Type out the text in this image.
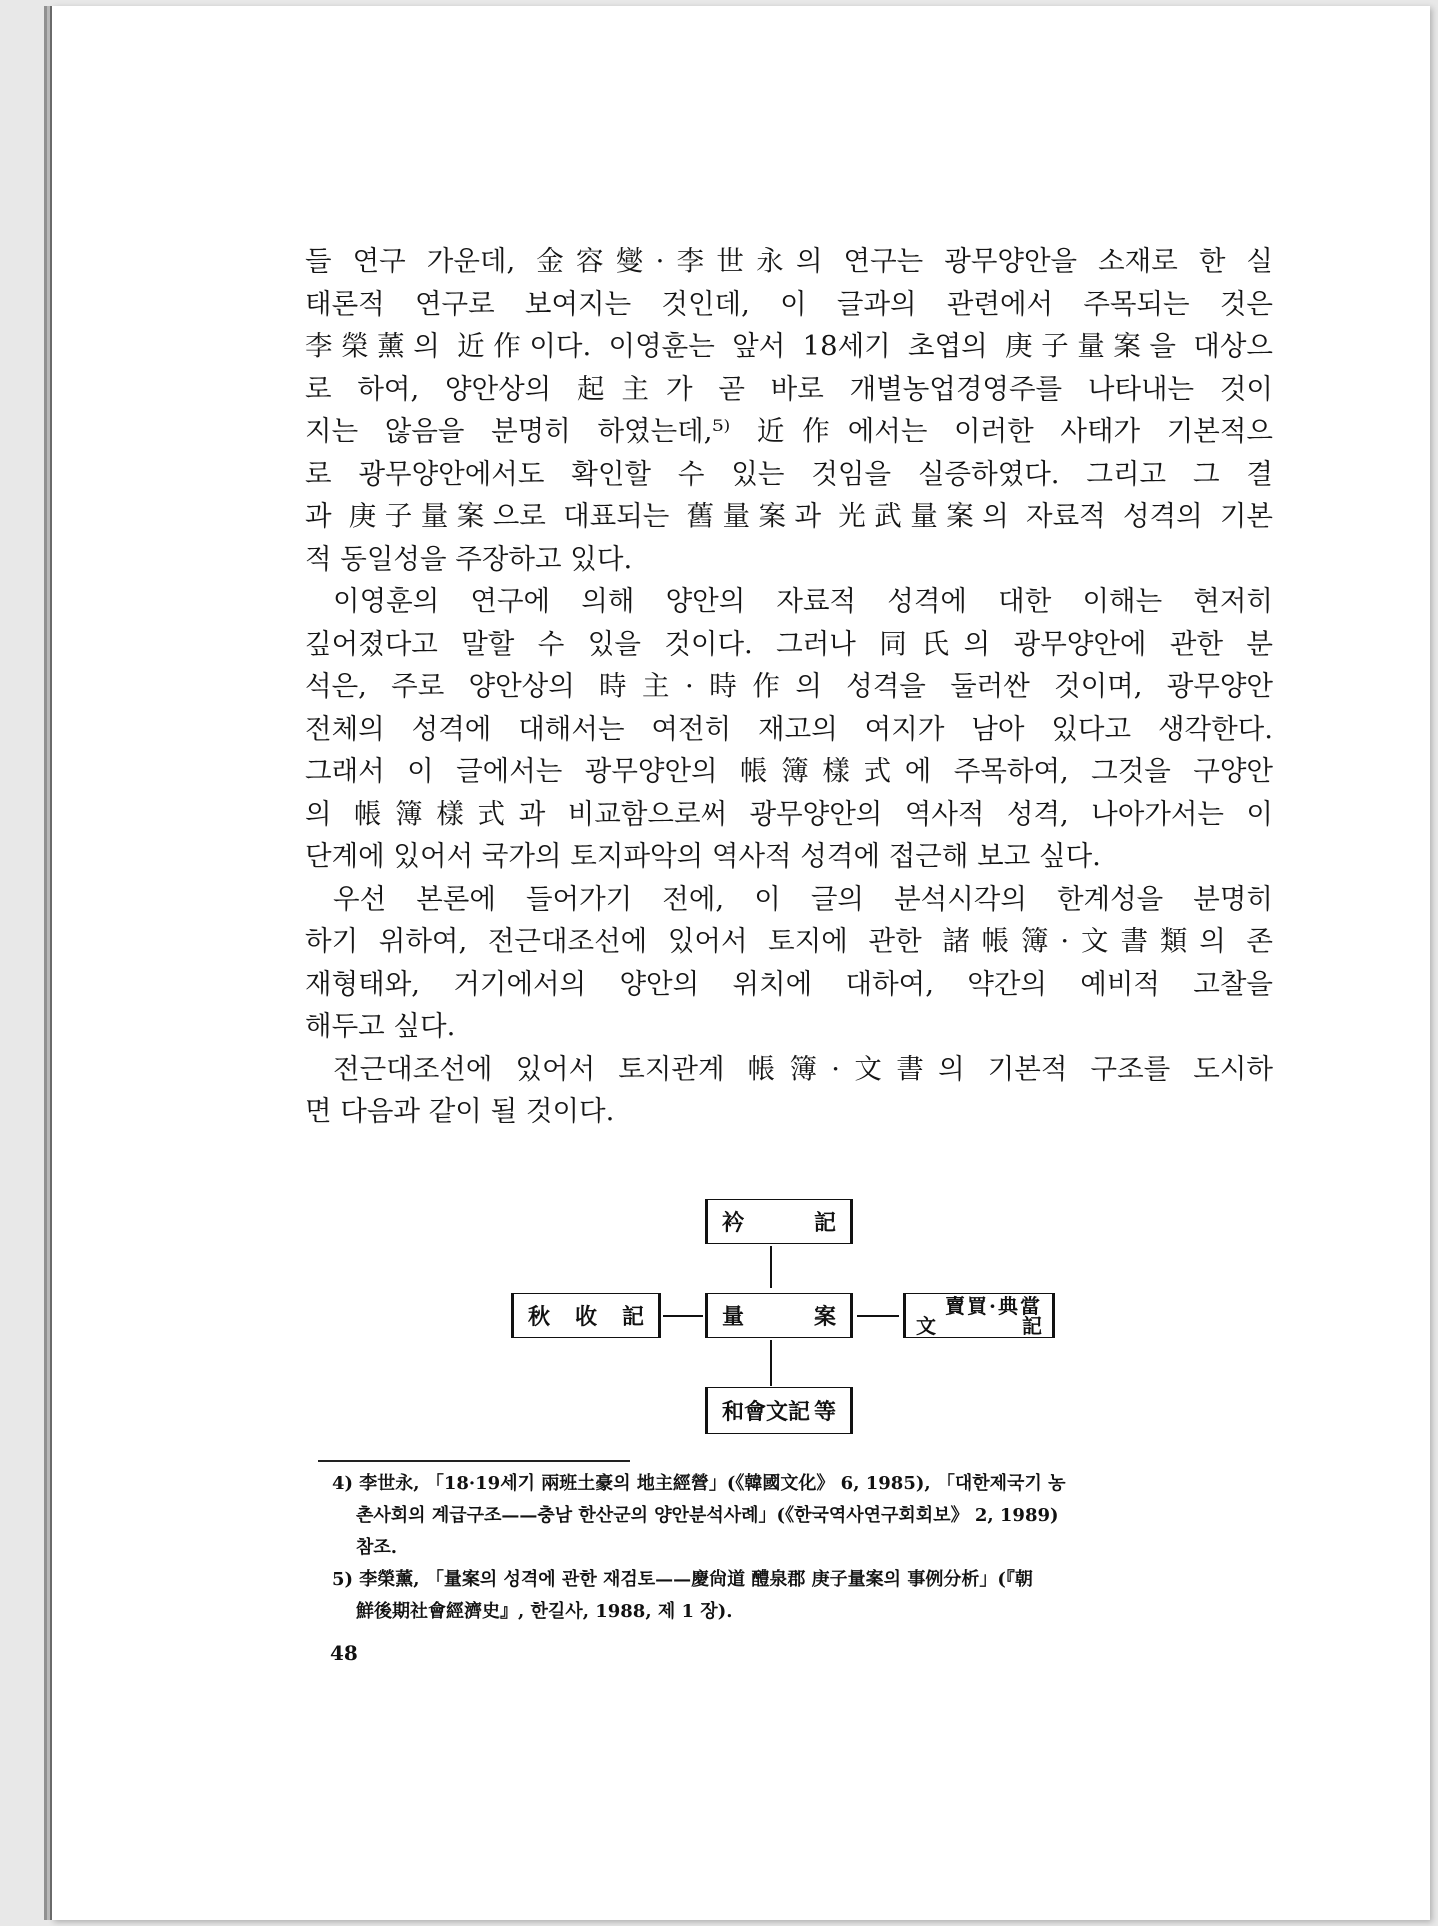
들 연구 가운데, 金容燮·李世永의 연구는 광무양안을 소재로 한 실
태론적 연구로 보여지는 것인데, 이 글과의 관련에서 주목되는 것은
李榮薰의 近作이다. 이영훈는 앞서 18세기 초엽의 庚子量案을 대상으
로 하여, 양안상의 起主가 곧 바로 개별농업경영주를 나타내는 것이
지는 않음을 분명히 하였는데,⁵⁾ 近作에서는 이러한 사태가 기본적으
로 광무양안에서도 확인할 수 있는 것임을 실증하였다. 그리고 그 결
과 庚子量案으로 대표되는 舊量案과 光武量案의 자료적 성격의 기본
적 동일성을 주장하고 있다.

이영훈의 연구에 의해 양안의 자료적 성격에 대한 이해는 현저히
깊어졌다고 말할 수 있을 것이다. 그러나 同氏의 광무양안에 관한 분
석은, 주로 양안상의 時主·時作의 성격을 둘러싼 것이며, 광무양안
전체의 성격에 대해서는 여전히 재고의 여지가 남아 있다고 생각한다.
그래서 이 글에서는 광무양안의 帳簿樣式에 주목하여, 그것을 구양안
의 帳簿樣式과 비교함으로써 광무양안의 역사적 성격, 나아가서는 이
단계에 있어서 국가의 토지파악의 역사적 성격에 접근해 보고 싶다.

우선 본론에 들어가기 전에, 이 글의 분석시각의 한계성을 분명히
하기 위하여, 전근대조선에 있어서 토지에 관한 諸帳簿·文書類의 존
재형태와, 거기에서의 양안의 위치에 대하여, 약간의 예비적 고찰을
해두고 싶다.

전근대조선에 있어서 토지관계 帳簿·文書의 기본적 구조를 도시하
면 다음과 같이 될 것이다.

衿	記
秋 收 記	量	案	賣買·典當
文	記
和會文記 等

4) 李世永, 「18·19세기 兩班土豪의 地主經營」(《韓國文化》 6, 1985), 「대한제국기 농
촌사회의 계급구조——충남 한산군의 양안분석사례」(《한국역사연구회회보》 2, 1989)
참조.

5) 李榮薰, 「量案의 성격에 관한 재검토——慶尙道 醴泉郡 庚子量案의 事例分析」(『朝
鮮後期社會經濟史』, 한길사, 1988, 제 1 장).

48
